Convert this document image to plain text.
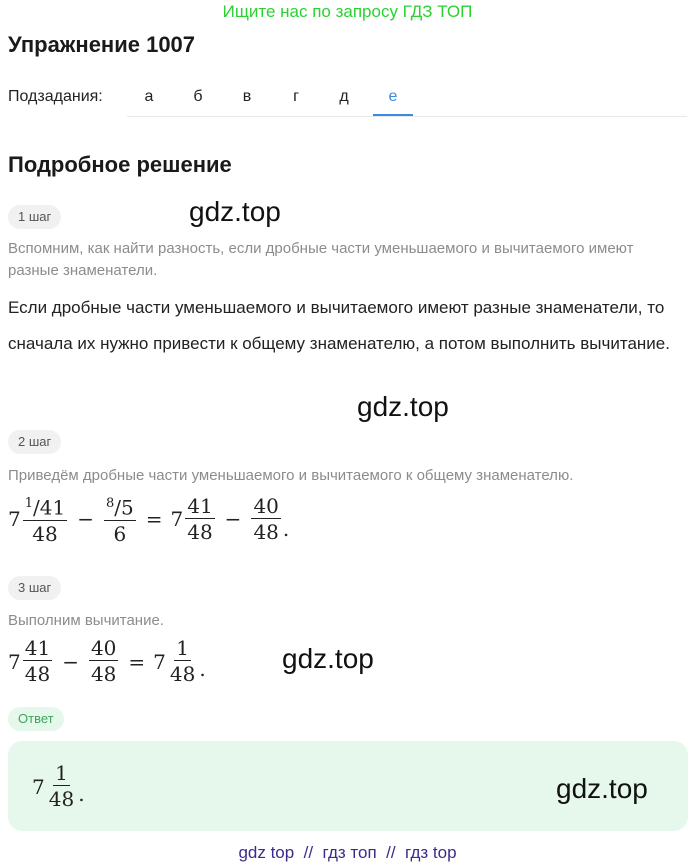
Ищите нас по запросу ГДЗ ТОП
Упражнение 1007
Подзадания:	а	б	в	г	д	е
Подробное решение
1 шаг	gdz.top
Вспомним, как найти разность, если дробные части уменьшаемого и вычитаемого имеют разные знаменатели.
Если дробные части уменьшаемого и вычитаемого имеют разные знаменатели, то сначала их нужно привести к общему знаменателю, а потом выполнить вычитание.
gdz.top
2 шаг
Приведём дробные части уменьшаемого и вычитаемого к общему знаменателю.
$7 \frac{^1/41}{48} - \frac{^8/5}{6} = 7 \frac{41}{48} - \frac{40}{48}$ .
3 шаг
Выполним вычитание.
$7 \frac{41}{48} - \frac{40}{48} = 7 \frac{1}{48}$ .	gdz.top
Ответ
$7 \frac{1}{48}$ .	gdz.top
gdz top  //  гдз топ  //  гдз top
